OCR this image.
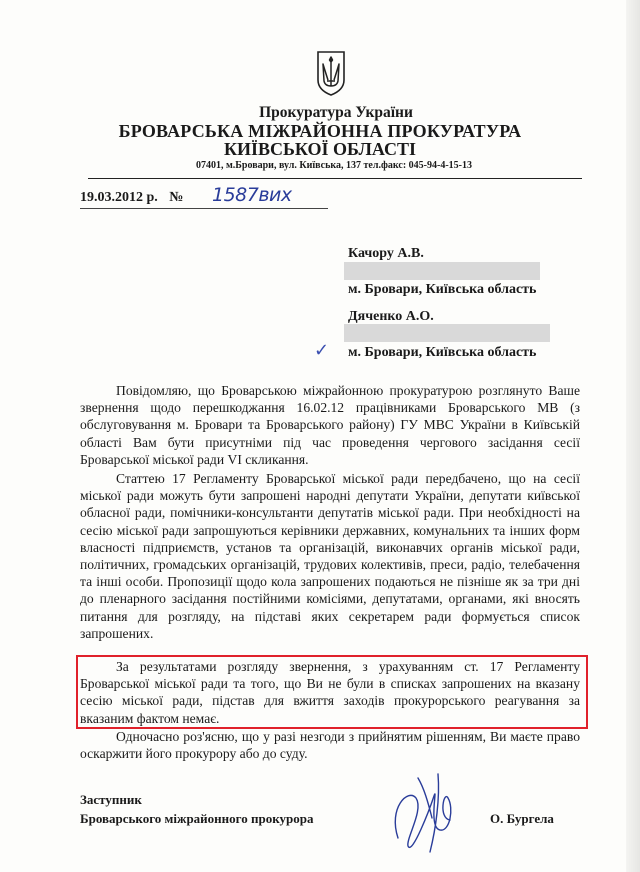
Прокуратура України
БРОВАРСЬКА МІЖРАЙОННА ПРОКУРАТУРА
КИЇВСЬКОЇ ОБЛАСТІ
07401, м.Бровари, вул. Київська, 137 тел.факс: 045-94-4-15-13
19.03.2012 р. № 1587вих
Качору А.В.
м. Бровари, Київська область
Дяченко А.О.
✓ м. Бровари, Київська область

Повідомляю, що Броварською міжрайонною прокуратурою розглянуто Ваше звернення щодо перешкоджання 16.02.12 працівниками Броварського МВ (з обслуговування м. Бровари та Броварського району) ГУ МВС України в Київській області Вам бути присутніми під час проведення чергового засідання сесії Броварської міської ради VI скликання.

Статтею 17 Регламенту Броварської міської ради передбачено, що на сесії міської ради можуть бути запрошені народні депутати України, депутати київської обласної ради, помічники-консультанти депутатів міської ради. При необхідності на сесію міської ради запрошуються керівники державних, комунальних та інших форм власності підприємств, установ та організацій, виконавчих органів міської ради, політичних, громадських організацій, трудових колективів, преси, радіо, телебачення та інші особи. Пропозиції щодо кола запрошених подаються не пізніше як за три дні до пленарного засідання постійними комісіями, депутатами, органами, які вносять питання для розгляду, на підставі яких секретарем ради формується список запрошених.

За результатами розгляду звернення, з урахуванням ст. 17 Регламенту Броварської міської ради та того, що Ви не були в списках запрошених на вказану сесію міської ради, підстав для вжиття заходів прокурорського реагування за вказаним фактом немає.

Одночасно роз'ясню, що у разі незгоди з прийнятим рішенням, Ви маєте право оскаржити його прокурору або до суду.

Заступник
Броварського міжрайонного прокурора	О. Бургела
